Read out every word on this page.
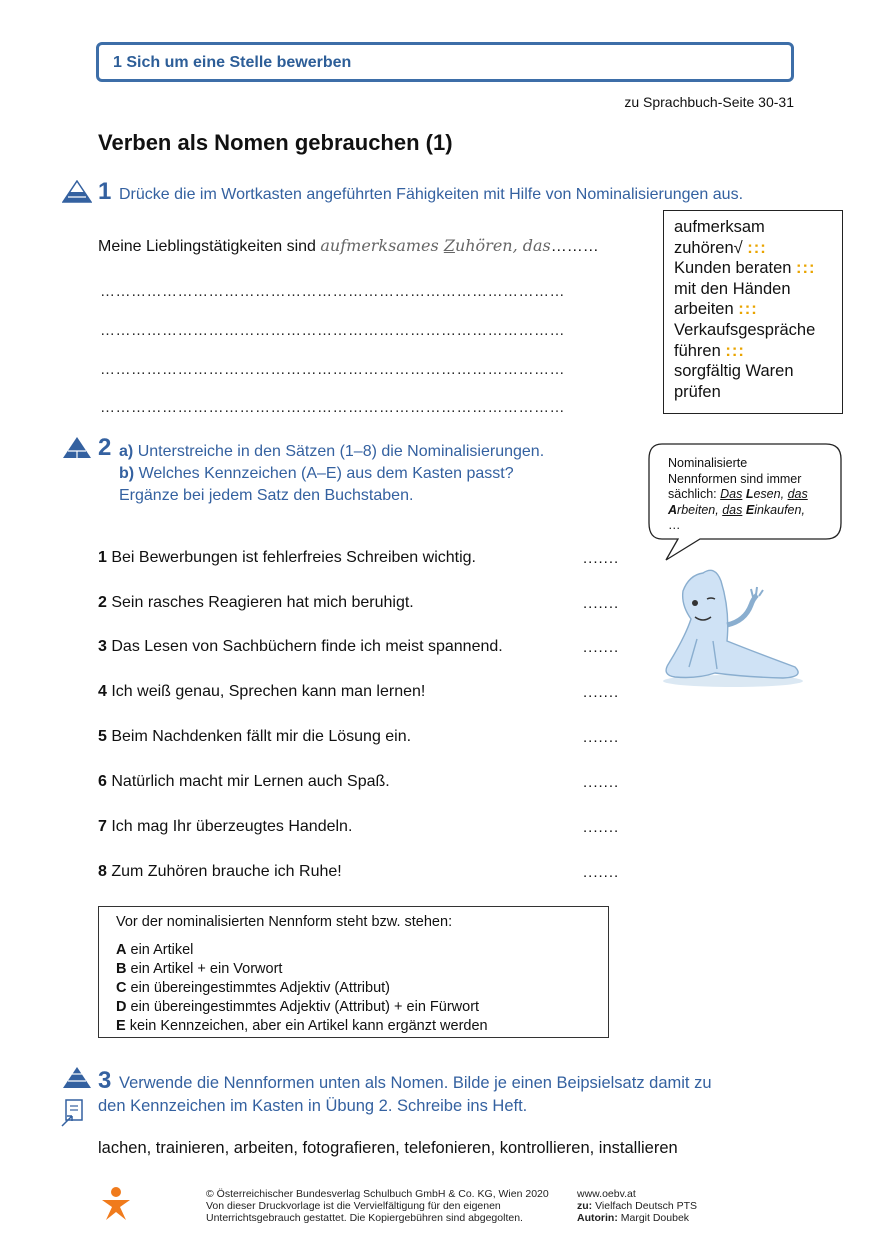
1 Sich um eine Stelle bewerben
zu Sprachbuch-Seite 30-31
Verben als Nomen gebrauchen (1)
1 Drücke die im Wortkasten angeführten Fähigkeiten mit Hilfe von Nominalisierungen aus.
Meine Lieblingstätigkeiten sind aufmerksames Zuhören, das………
………………………………………………………………………………
………………………………………………………………………………
………………………………………………………………………………
………………………………………………………………………………
aufmerksam zuhören√ :::
Kunden beraten :::
mit den Händen arbeiten :::
Verkaufsgespräche führen :::
sorgfältig Waren prüfen
2 a) Unterstreiche in den Sätzen (1–8) die Nominalisierungen.
b) Welches Kennzeichen (A–E) aus dem Kasten passt?
Ergänze bei jedem Satz den Buchstaben.
Nominalisierte
Nennformen sind immer
sächlich: Das Lesen, das
Arbeiten, das Einkaufen,
…
1 Bei Bewerbungen ist fehlerfreies Schreiben wichtig.	.......
2 Sein rasches Reagieren hat mich beruhigt.	.......
3 Das Lesen von Sachbüchern finde ich meist spannend.	.......
4 Ich weiß genau, Sprechen kann man lernen!	.......
5 Beim Nachdenken fällt mir die Lösung ein.	.......
6 Natürlich macht mir Lernen auch Spaß.	.......
7 Ich mag Ihr überzeugtes Handeln.	.......
8 Zum Zuhören brauche ich Ruhe!	.......
Vor der nominalisierten Nennform steht bzw. stehen:
A ein Artikel
B ein Artikel + ein Vorwort
C ein übereingestimmtes Adjektiv (Attribut)
D ein übereingestimmtes Adjektiv (Attribut) + ein Fürwort
E kein Kennzeichen, aber ein Artikel kann ergänzt werden
3 Verwende die Nennformen unten als Nomen. Bilde je einen Beipsielsatz damit zu
den Kennzeichen im Kasten in Übung 2. Schreibe ins Heft.
lachen, trainieren, arbeiten, fotografieren, telefonieren, kontrollieren, installieren
© Österreichischer Bundesverlag Schulbuch GmbH & Co. KG, Wien 2020
Von dieser Druckvorlage ist die Vervielfältigung für den eigenen
Unterrichtsgebrauch gestattet. Die Kopiergebühren sind abgegolten.
www.oebv.at
zu: Vielfach Deutsch PTS
Autorin: Margit Doubek
